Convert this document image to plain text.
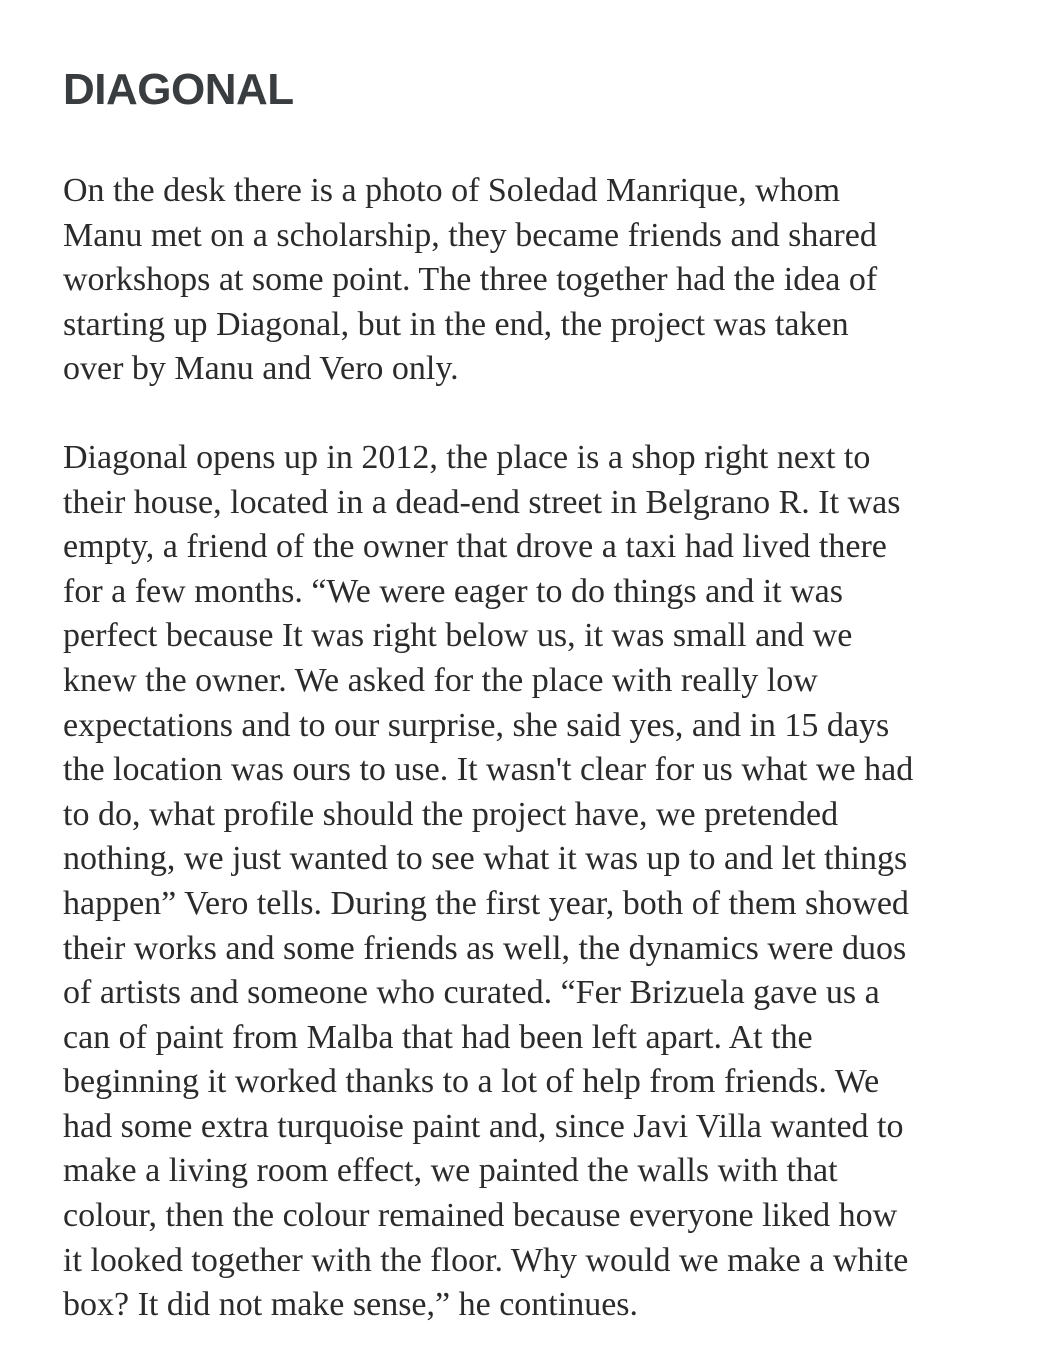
DIAGONAL

On the desk there is a photo of Soledad Manrique, whom
Manu met on a scholarship, they became friends and shared
workshops at some point. The three together had the idea of
starting up Diagonal, but in the end, the project was taken
over by Manu and Vero only.

Diagonal opens up in 2012, the place is a shop right next to
their house, located in a dead-end street in Belgrano R. It was
empty, a friend of the owner that drove a taxi had lived there
for a few months. “We were eager to do things and it was
perfect because It was right below us, it was small and we
knew the owner. We asked for the place with really low
expectations and to our surprise, she said yes, and in 15 days
the location was ours to use. It wasn't clear for us what we had
to do, what profile should the project have, we pretended
nothing, we just wanted to see what it was up to and let things
happen” Vero tells. During the first year, both of them showed
their works and some friends as well, the dynamics were duos
of artists and someone who curated. “Fer Brizuela gave us a
can of paint from Malba that had been left apart. At the
beginning it worked thanks to a lot of help from friends. We
had some extra turquoise paint and, since Javi Villa wanted to
make a living room effect, we painted the walls with that
colour, then the colour remained because everyone liked how
it looked together with the floor. Why would we make a white
box? It did not make sense,” he continues.
